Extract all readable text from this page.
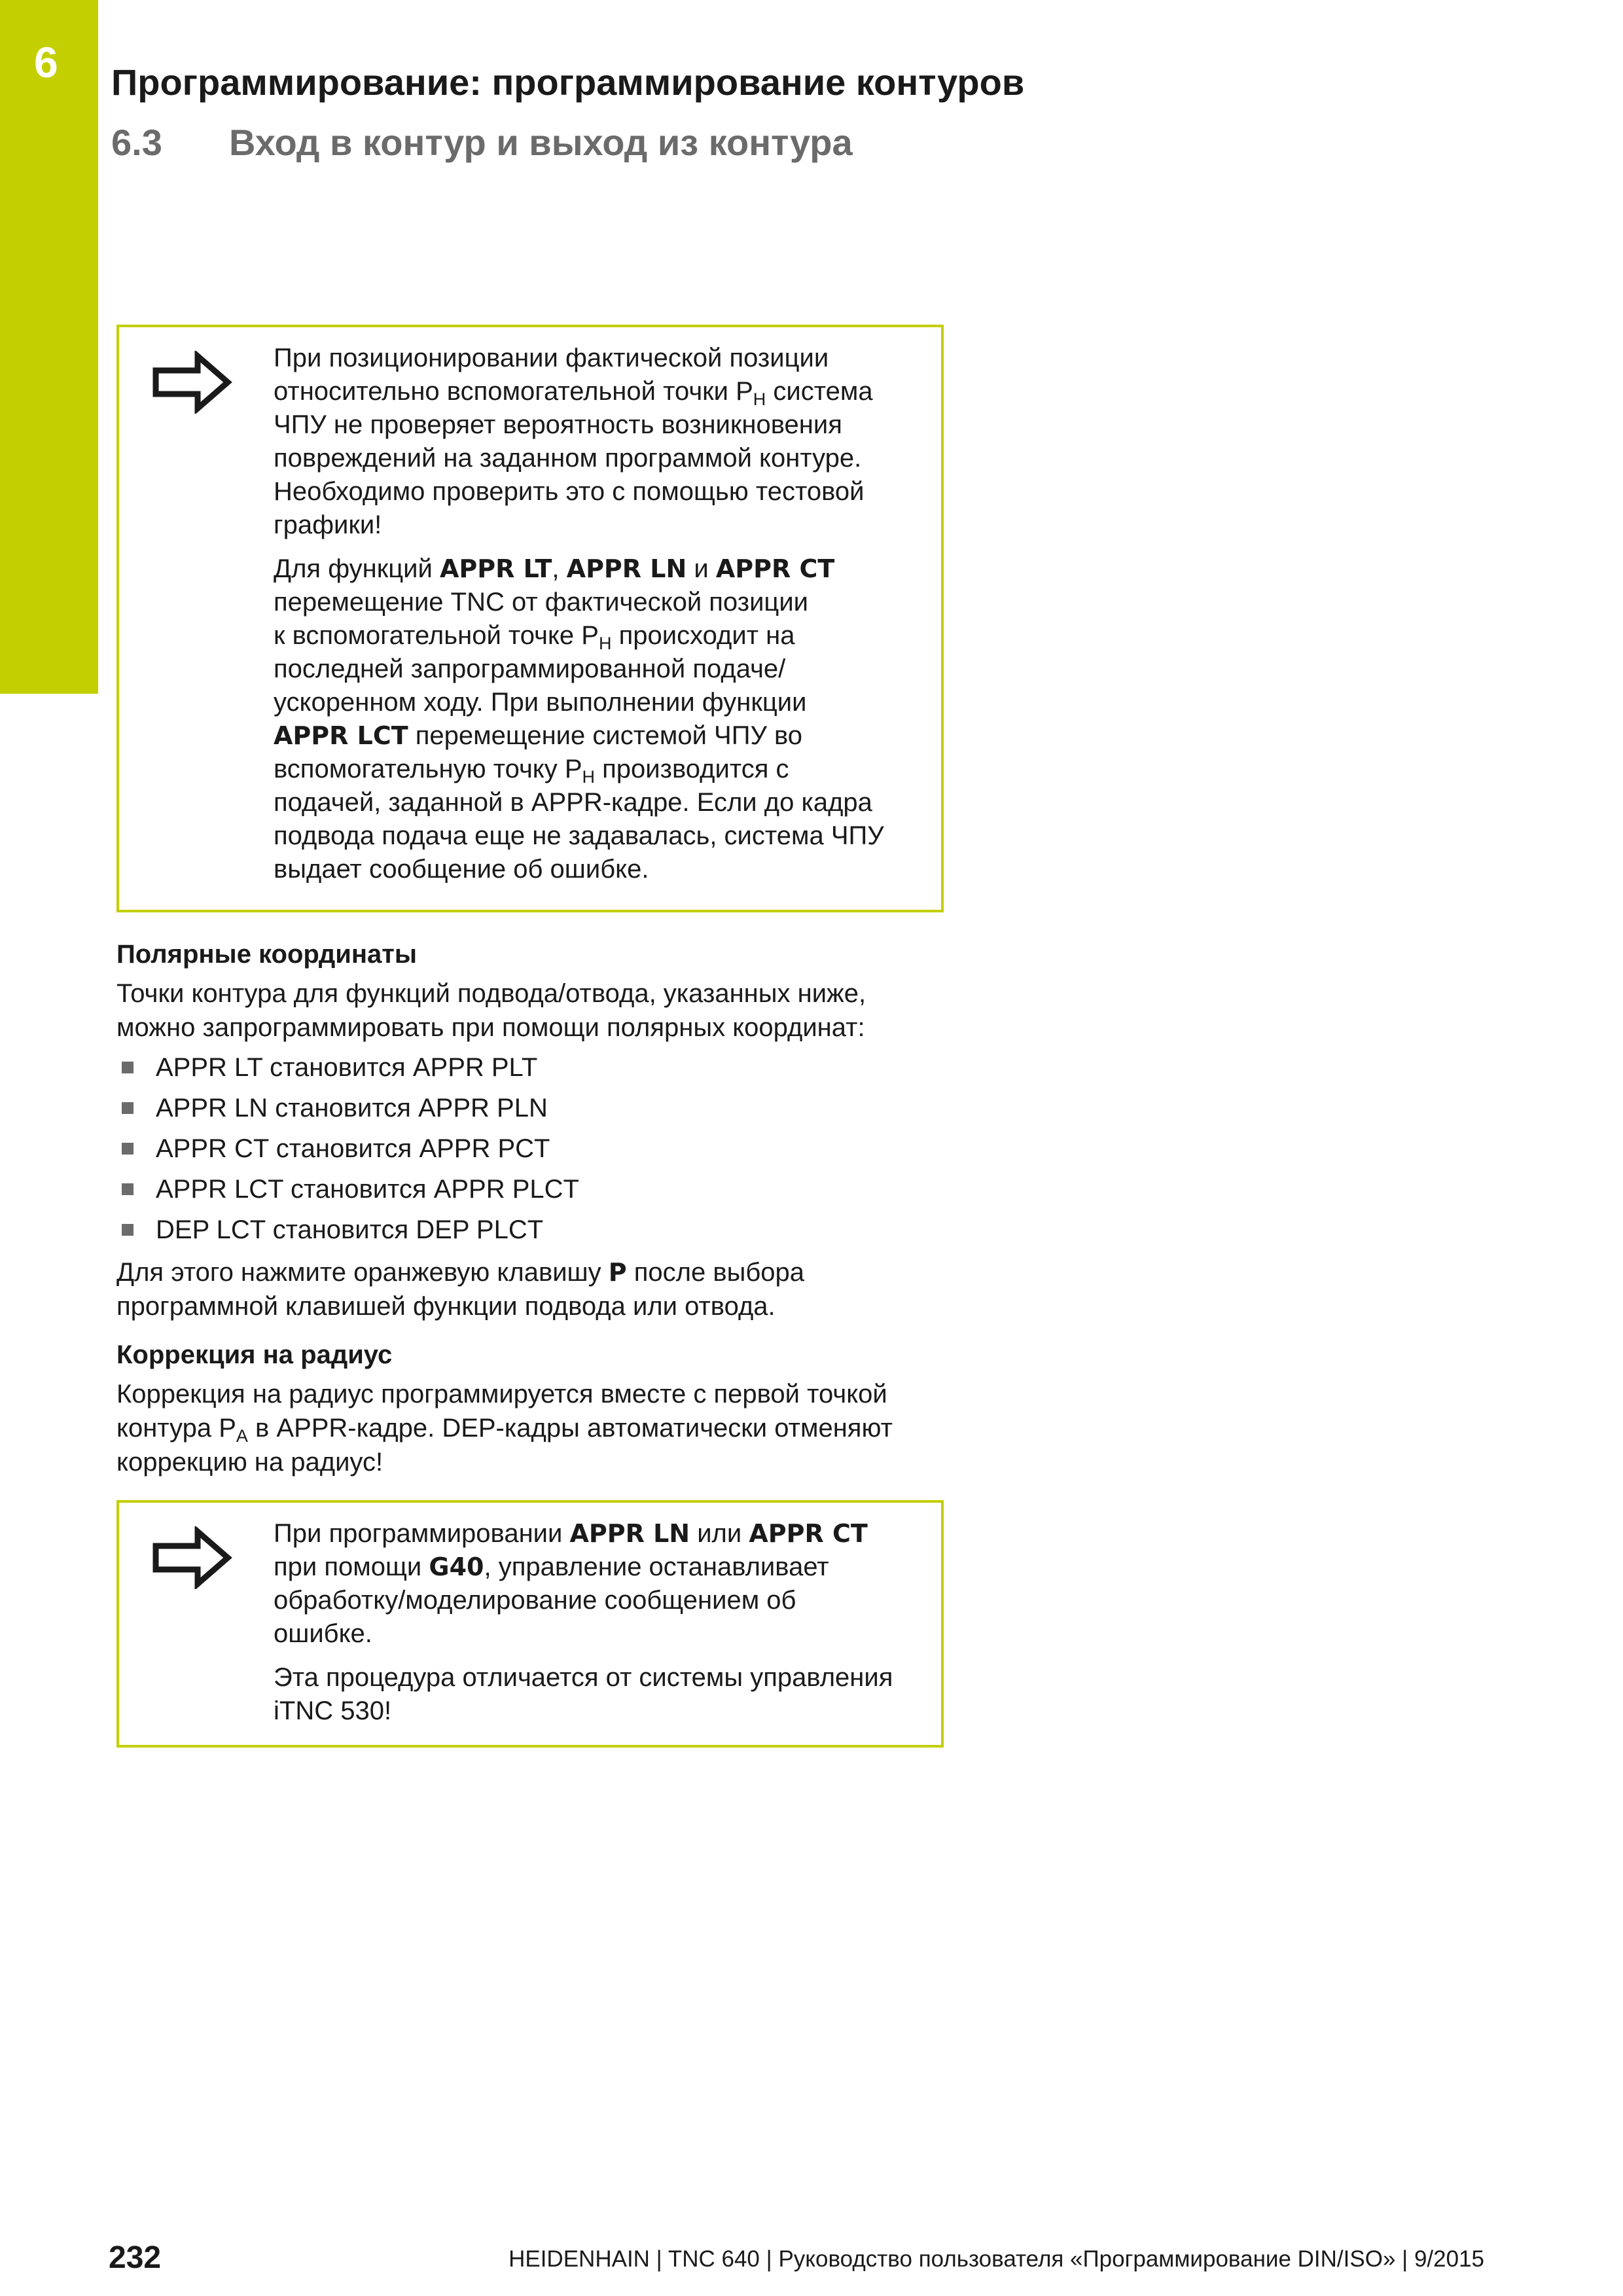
6 Программирование: программирование контуров
6.3 Вход в контур и выход из контура

При позиционировании фактической позиции
относительно вспомогательной точки $P_H$ система
ЧПУ не проверяет вероятность возникновения
повреждений на заданном программой контуре.
Необходимо проверить это с помощью тестовой
графики!

Для функций APPR LT, APPR LN и APPR CT
перемещение TNC от фактической позиции
к вспомогательной точке $P_H$ происходит на
последней запрограммированной подаче/
ускоренном ходу. При выполнении функции
APPR LCT перемещение системой ЧПУ во
вспомогательную точку $P_H$ производится с
подачей, заданной в APPR-кадре. Если до кадра
подвода подача еще не задавалась, система ЧПУ
выдает сообщение об ошибке.

Полярные координаты
Точки контура для функций подвода/отвода, указанных ниже,
можно запрограммировать при помощи полярных координат:
APPR LT становится APPR PLT
APPR LN становится APPR PLN
APPR CT становится APPR PCT
APPR LCT становится APPR PLCT
DEP LCT становится DEP PLCT
Для этого нажмите оранжевую клавишу P после выбора
программной клавишей функции подвода или отвода.
Коррекция на радиус
Коррекция на радиус программируется вместе с первой точкой
контура $P_A$ в APPR-кадре. DEP-кадры автоматически отменяют
коррекцию на радиус!

При программировании APPR LN или APPR CT
при помощи G40, управление останавливает
обработку/моделирование сообщением об
ошибке.

Эта процедура отличается от системы управления
iTNC 530!

232	HEIDENHAIN | TNC 640 | Руководство пользователя «Программирование DIN/ISO» | 9/2015
